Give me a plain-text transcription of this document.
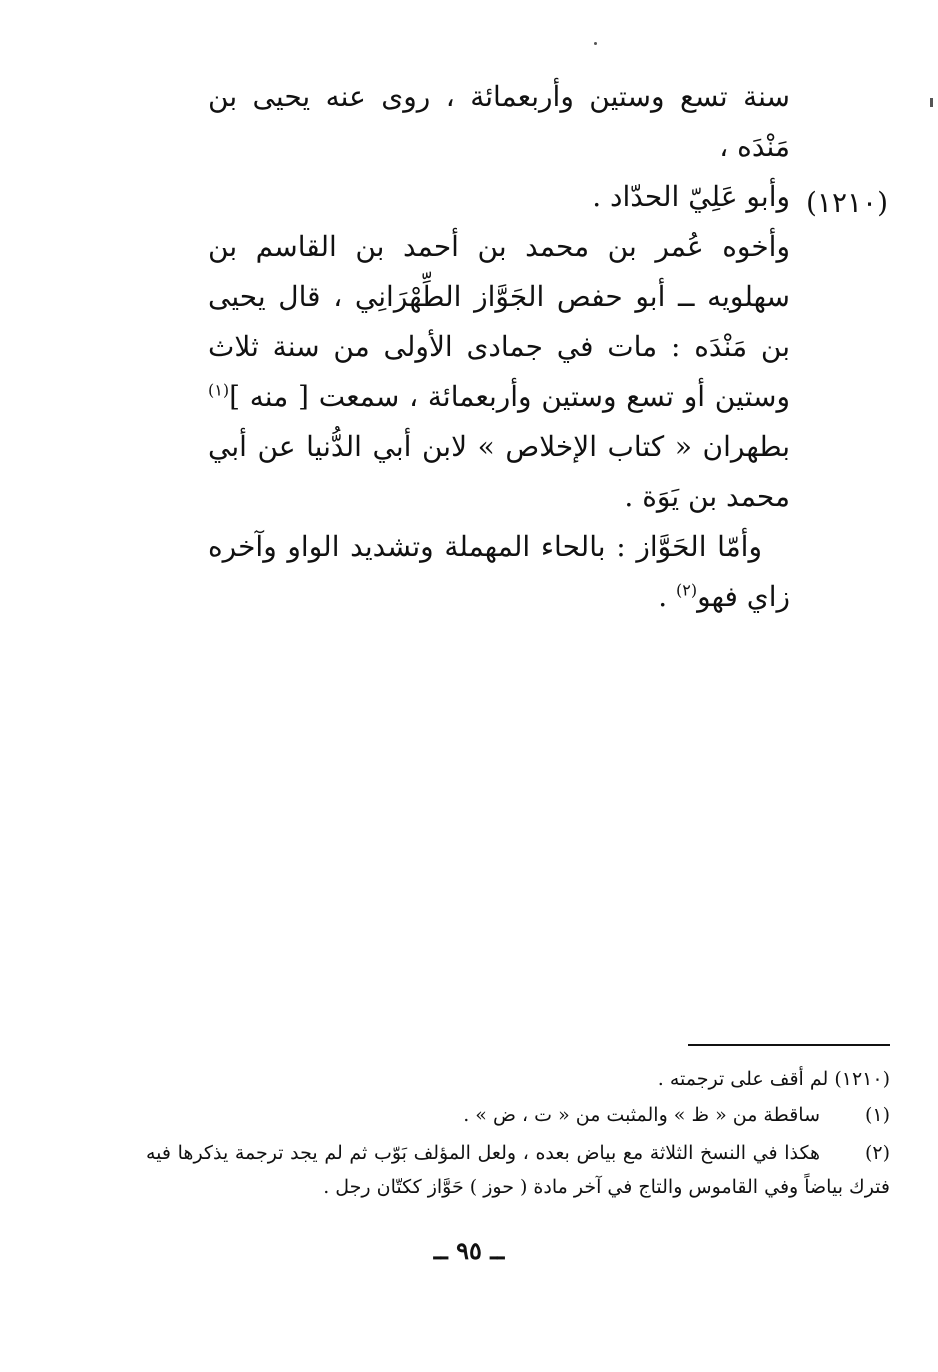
(١٢١٠)

سنة تسع وستين وأربعمائة ، روى عنه يحيى بن مَنْدَه ،

وأبو عَلِيّ الحدّاد .

وأخوه عُمر بن محمد بن أحمد بن القاسم بن سهلويه ــ أبو حفص الجَوَّاز الطِّهْرَانِي ، قال يحيى بن مَنْدَه : مات في جمادى الأولى من سنة ثلاث وستين أو تسع وستين وأربعمائة ، سمعت [ منه ]$^{(١)}$ بطهران « كتاب الإخلاص » لابن أبي الدُّنيا عن أبي محمد بن يَوَة .

وأمّا الحَوَّاز : بالحاء المهملة وتشديد الواو وآخره زاي فهو$^{(٢)}$ .

(١٢١٠) لم أقف على ترجمته .
(١)ساقطة من « ظ » والمثبت من « ت ، ض » .
(٢)هكذا في النسخ الثلاثة مع بياض بعده ، ولعل المؤلف بَوّب ثم لم يجد ترجمة يذكرها فيه فترك بياضاً وفي القاموس والتاج في آخر مادة ( حوز ) حَوَّاز ككتّان رجل .
ــ ٩٥ ــ
